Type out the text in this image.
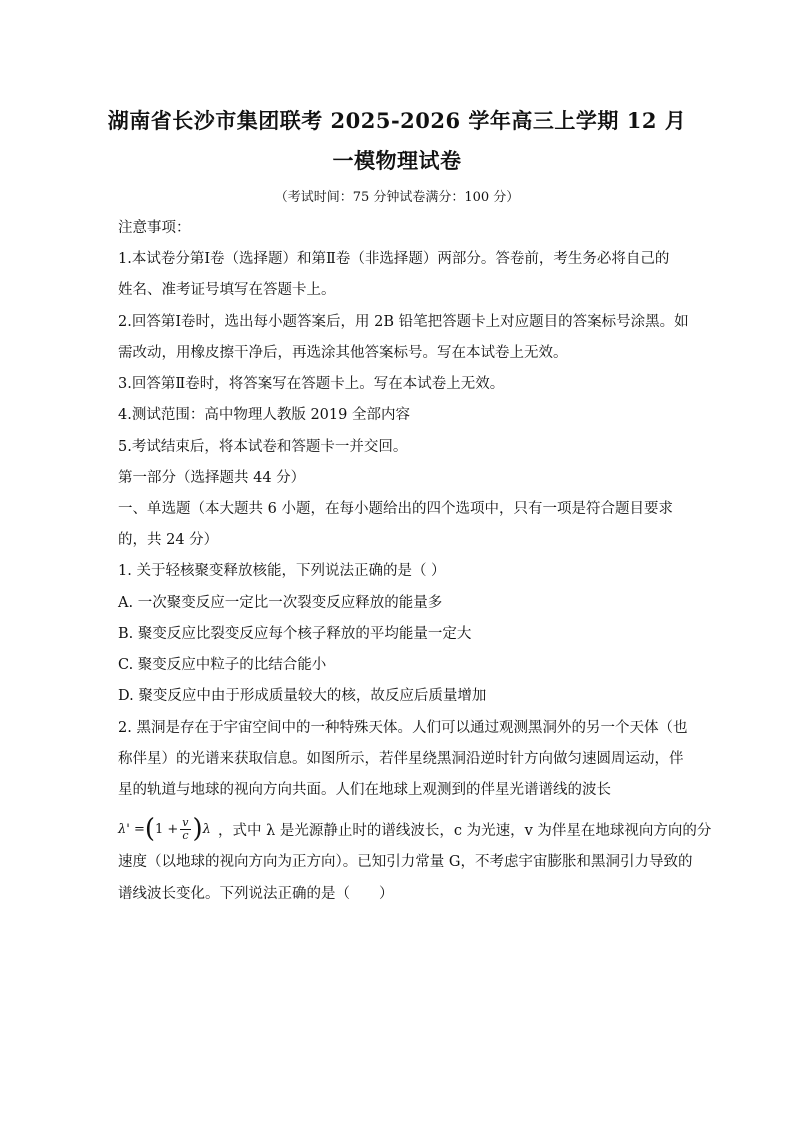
湖南省长沙市集团联考 2025-2026 学年高三上学期 12 月
一模物理试卷
（考试时间：75 分钟试卷满分：100 分）
注意事项：
1.本试卷分第Ⅰ卷（选择题）和第Ⅱ卷（非选择题）两部分。答卷前，考生务必将自己的
姓名、准考证号填写在答题卡上。
2.回答第Ⅰ卷时，选出每小题答案后，用 2B 铅笔把答题卡上对应题目的答案标号涂黑。如
需改动，用橡皮擦干净后，再选涂其他答案标号。写在本试卷上无效。
3.回答第Ⅱ卷时，将答案写在答题卡上。写在本试卷上无效。
4.测试范围：高中物理人教版 2019 全部内容
5.考试结束后，将本试卷和答题卡一并交回。
第一部分（选择题共 44 分）
一、单选题（本大题共 6 小题，在每小题给出的四个选项中，只有一项是符合题目要求
的，共 24 分）
1. 关于轻核聚变释放核能，下列说法正确的是（ ）
A. 一次聚变反应一定比一次裂变反应释放的能量多
B. 聚变反应比裂变反应每个核子释放的平均能量一定大
C. 聚变反应中粒子的比结合能小
D. 聚变反应中由于形成质量较大的核，故反应后质量增加
2. 黑洞是存在于宇宙空间中的一种特殊天体。人们可以通过观测黑洞外的另一个天体（也
称伴星）的光谱来获取信息。如图所示，若伴星绕黑洞沿逆时针方向做匀速圆周运动，伴
星的轨道与地球的视向方向共面。人们在地球上观测到的伴星光谱谱线的波长
λ' = ( $1 + \frac{v}{c}$ ) λ ，式中 λ 是光源静止时的谱线波长，c 为光速，v 为伴星在地球视向方向的分
速度（以地球的视向方向为正方向）。已知引力常量 G，不考虑宇宙膨胀和黑洞引力导致的
谱线波长变化。下列说法正确的是（　　）
